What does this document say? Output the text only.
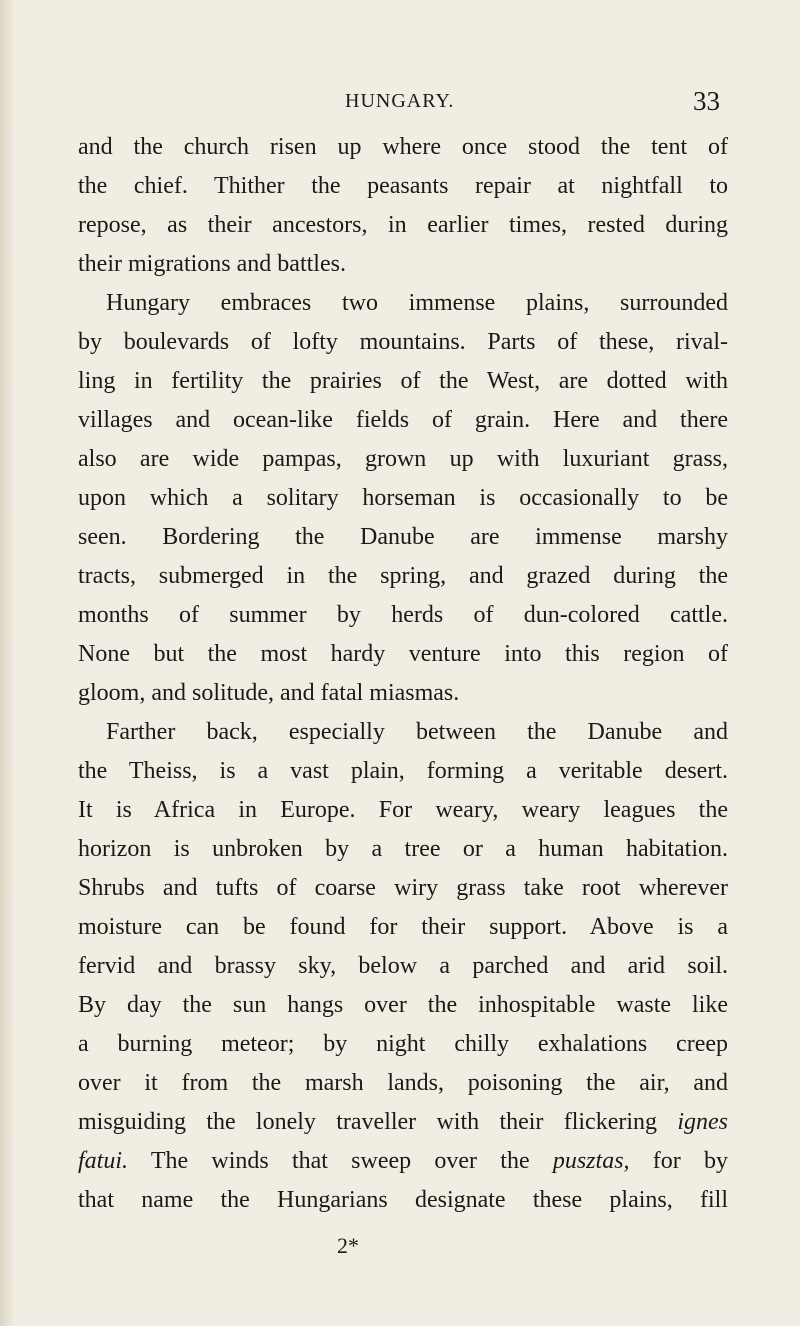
HUNGARY.	33
and the church risen up where once stood the tent of
the chief. Thither the peasants repair at nightfall to
repose, as their ancestors, in earlier times, rested during
their migrations and battles.
Hungary embraces two immense plains, surrounded
by boulevards of lofty mountains. Parts of these, rival-
ling in fertility the prairies of the West, are dotted with
villages and ocean-like fields of grain. Here and there
also are wide pampas, grown up with luxuriant grass,
upon which a solitary horseman is occasionally to be
seen. Bordering the Danube are immense marshy
tracts, submerged in the spring, and grazed during the
months of summer by herds of dun-colored cattle.
None but the most hardy venture into this region of
gloom, and solitude, and fatal miasmas.
Farther back, especially between the Danube and
the Theiss, is a vast plain, forming a veritable desert.
It is Africa in Europe. For weary, weary leagues the
horizon is unbroken by a tree or a human habitation.
Shrubs and tufts of coarse wiry grass take root wherever
moisture can be found for their support. Above is a
fervid and brassy sky, below a parched and arid soil.
By day the sun hangs over the inhospitable waste like
a burning meteor; by night chilly exhalations creep
over it from the marsh lands, poisoning the air, and
misguiding the lonely traveller with their flickering ignes
fatui. The winds that sweep over the pusztas, for by
that name the Hungarians designate these plains, fill
2*
